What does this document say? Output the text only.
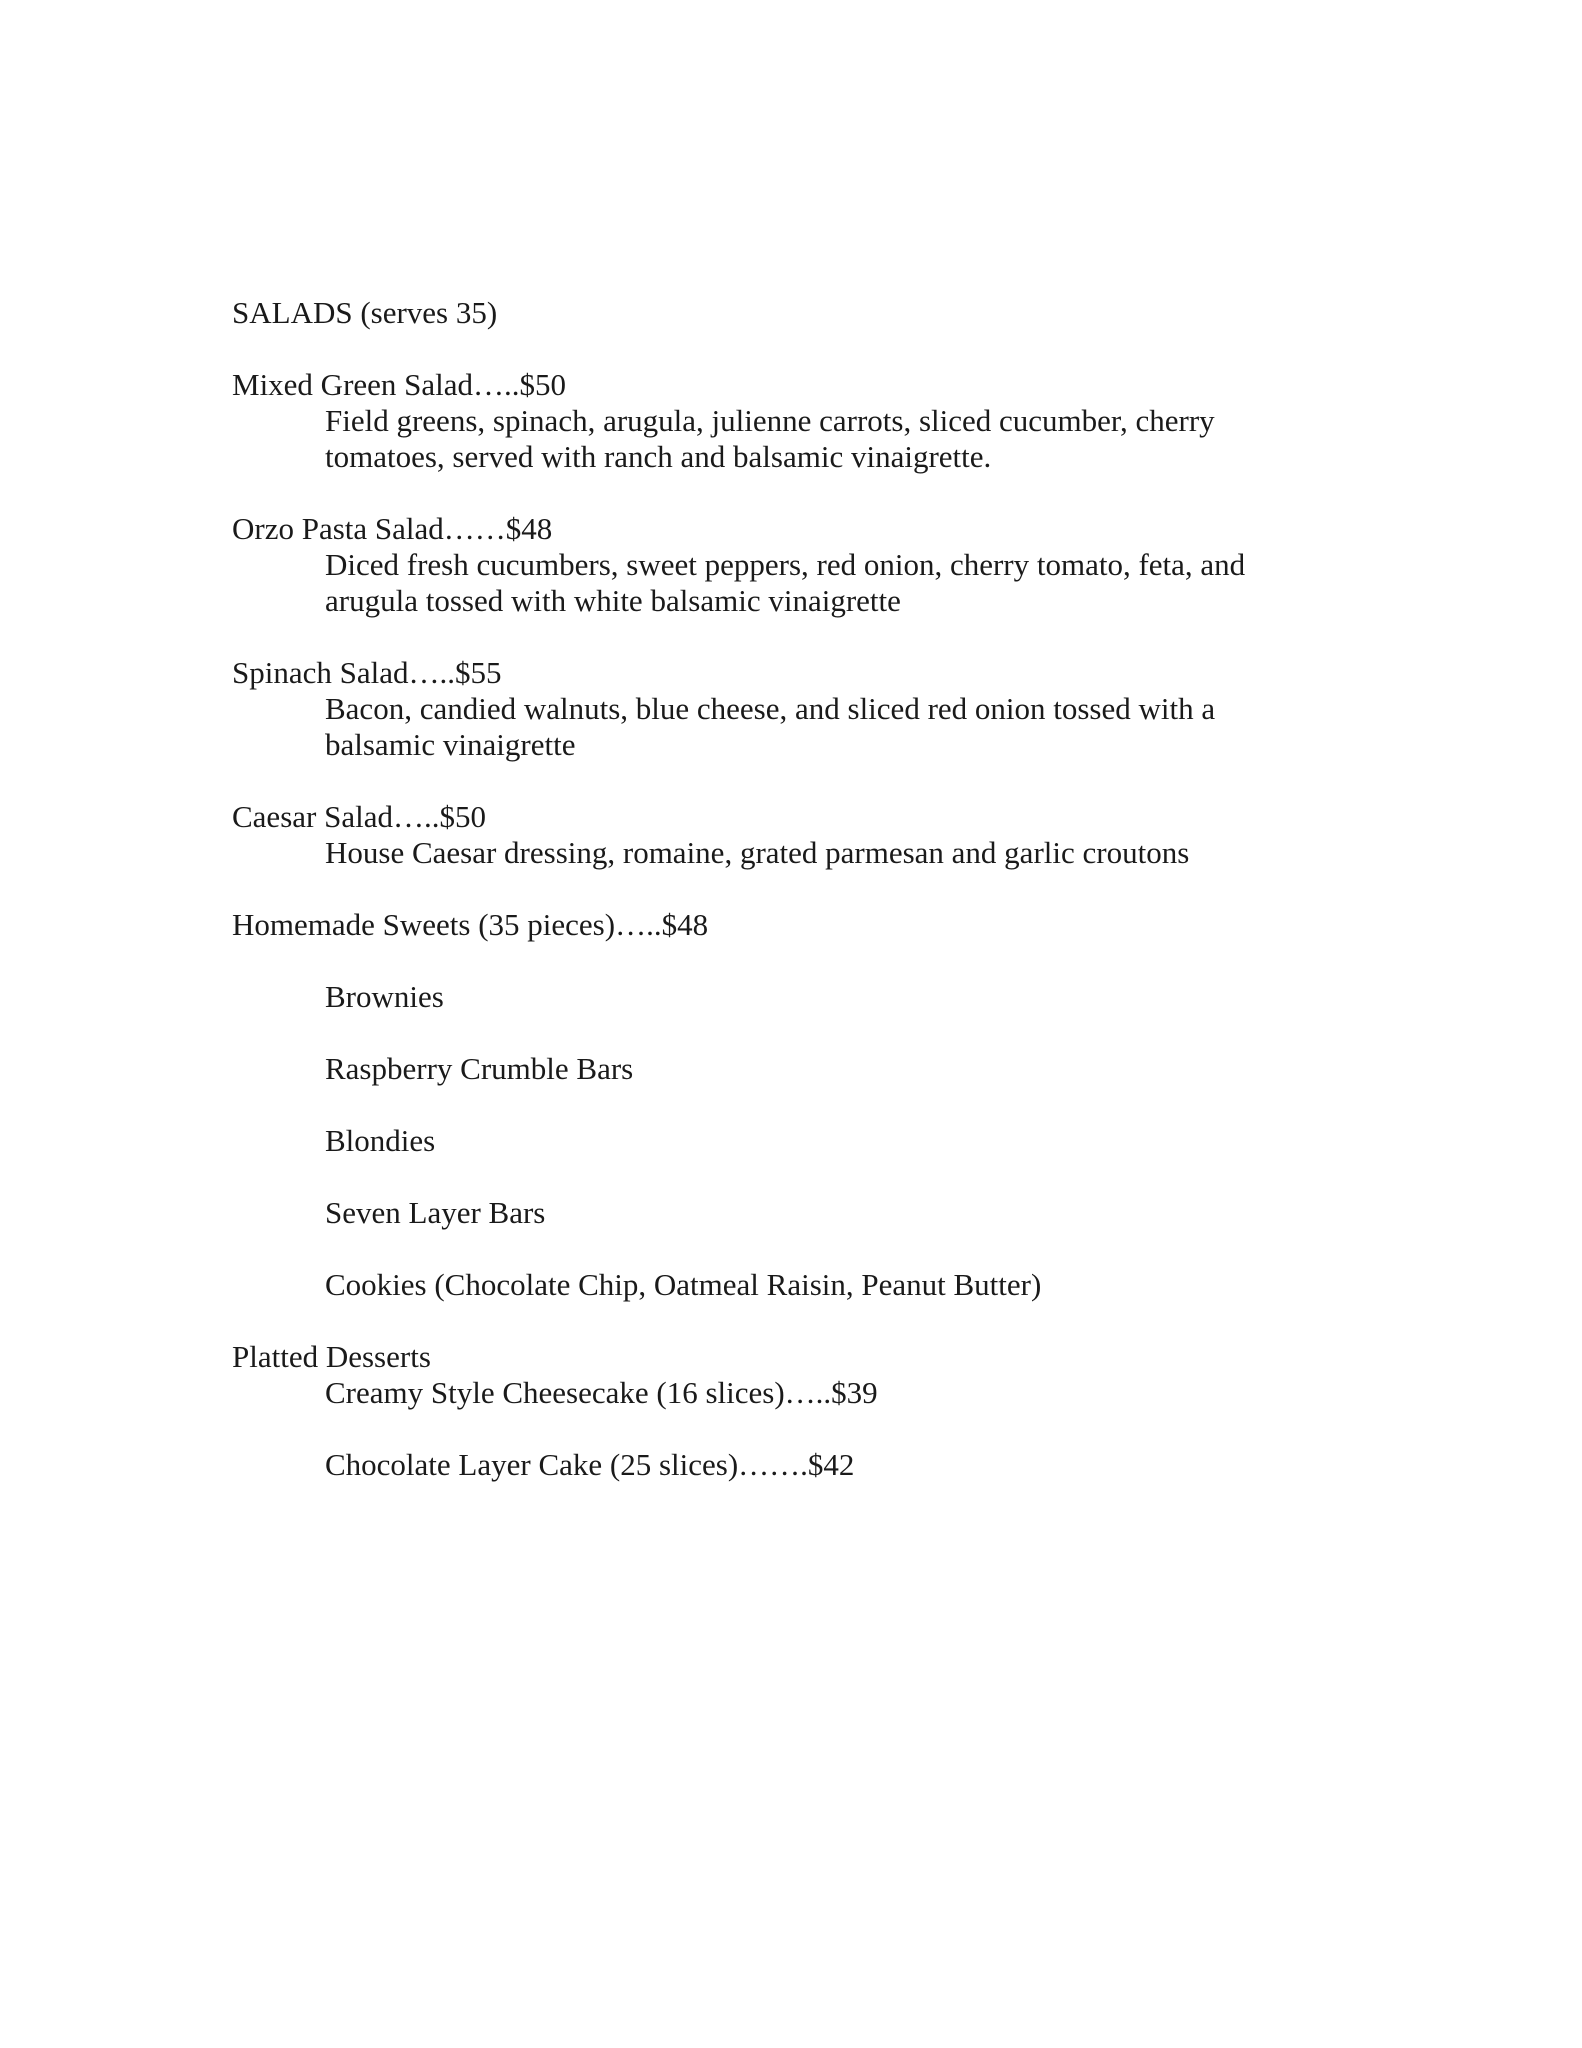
SALADS (serves 35)

Mixed Green Salad…..$50

Field greens, spinach, arugula, julienne carrots, sliced cucumber, cherry

tomatoes, served with ranch and balsamic vinaigrette.

Orzo Pasta Salad……$48

Diced fresh cucumbers, sweet peppers, red onion, cherry tomato, feta, and

arugula tossed with white balsamic vinaigrette

Spinach Salad…..$55

Bacon, candied walnuts, blue cheese, and sliced red onion tossed with a

balsamic vinaigrette

Caesar Salad…..$50

House Caesar dressing, romaine, grated parmesan and garlic croutons

Homemade Sweets (35 pieces)…..$48

Brownies

Raspberry Crumble Bars

Blondies

Seven Layer Bars

Cookies (Chocolate Chip, Oatmeal Raisin, Peanut Butter)

Platted Desserts

Creamy Style Cheesecake (16 slices)…..$39

Chocolate Layer Cake (25 slices)…….$42
